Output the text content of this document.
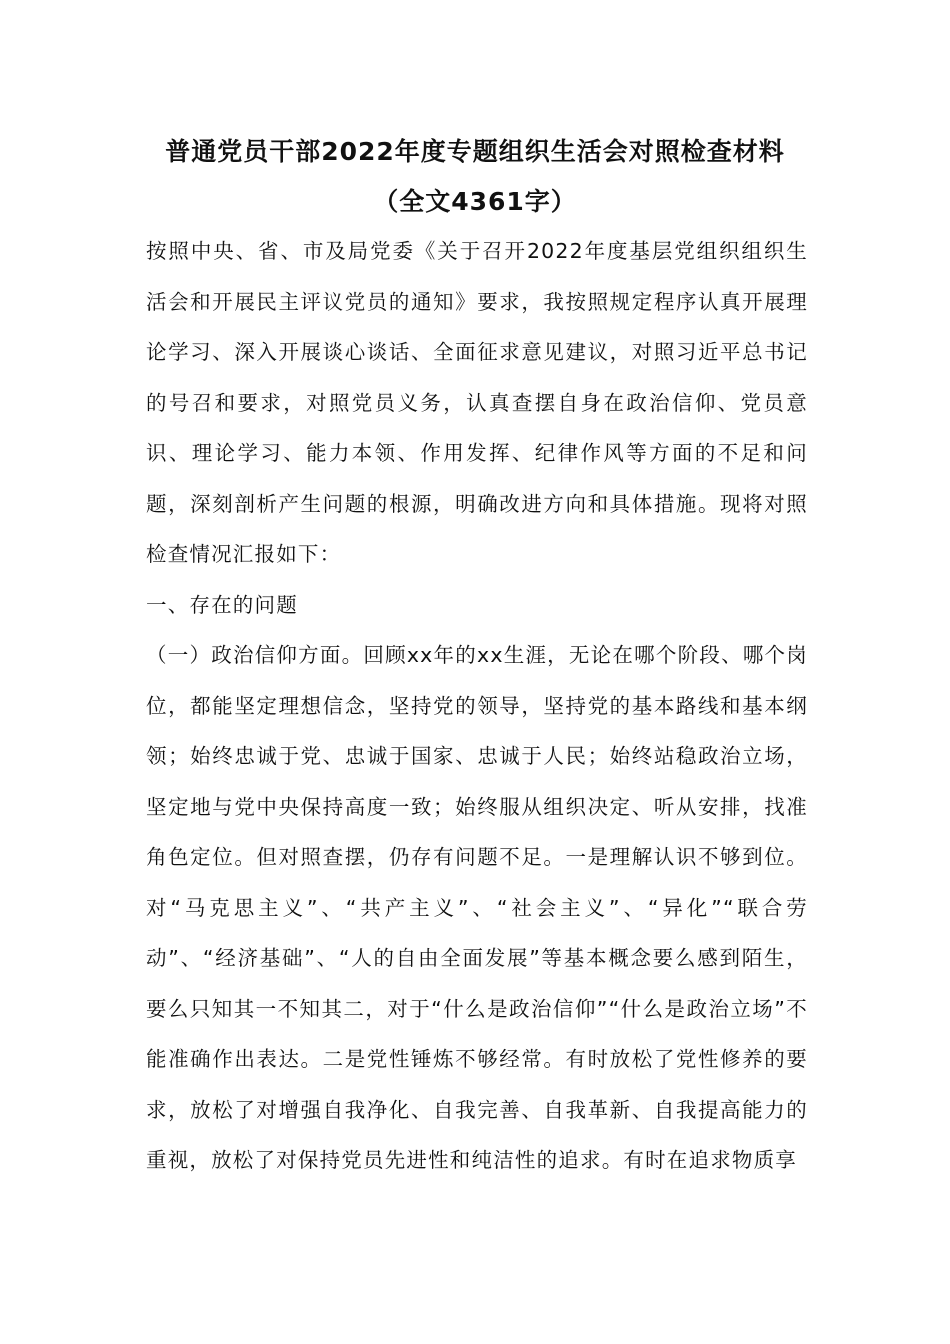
普通党员干部2022年度专题组织生活会对照检查材料
（全文4361字）

按照中央、省、市及局党委《关于召开2022年度基层党组织组织生活会和开展民主评议党员的通知》要求，我按照规定程序认真开展理论学习、深入开展谈心谈话、全面征求意见建议，对照习近平总书记的号召和要求，对照党员义务，认真查摆自身在政治信仰、党员意识、理论学习、能力本领、作用发挥、纪律作风等方面的不足和问题，深刻剖析产生问题的根源，明确改进方向和具体措施。现将对照检查情况汇报如下：

一、存在的问题

（一）政治信仰方面。回顾xx年的xx生涯，无论在哪个阶段、哪个岗位，都能坚定理想信念，坚持党的领导，坚持党的基本路线和基本纲领；始终忠诚于党、忠诚于国家、忠诚于人民；始终站稳政治立场，坚定地与党中央保持高度一致；始终服从组织决定、听从安排，找准角色定位。但对照查摆，仍存有问题不足。一是理解认识不够到位。对“马克思主义”、“共产主义”、“社会主义”、“异化”“联合劳动”、“经济基础”、“人的自由全面发展”等基本概念要么感到陌生，要么只知其一不知其二，对于“什么是政治信仰”“什么是政治立场”不能准确作出表达。二是党性锤炼不够经常。有时放松了党性修养的要求，放松了对增强自我净化、自我完善、自我革新、自我提高能力的重视，放松了对保持党员先进性和纯洁性的追求。有时在追求物质享
